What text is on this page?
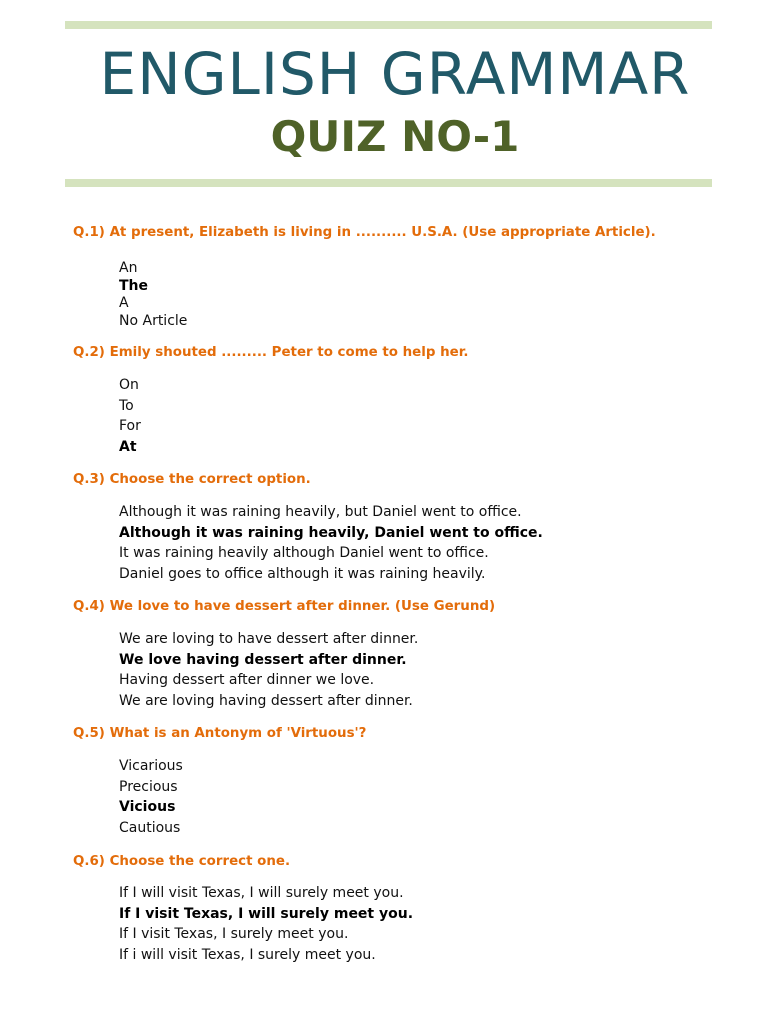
ENGLISH GRAMMAR
QUIZ NO-1
Q.1) At present, Elizabeth is living in .......... U.S.A. (Use appropriate Article).
An
The
A
No Article
Q.2) Emily shouted ......... Peter to come to help her.
On
To
For
At
Q.3) Choose the correct option.
Although it was raining heavily, but Daniel went to office.
Although it was raining heavily, Daniel went to office.
It was raining heavily although Daniel went to office.
Daniel goes to office although it was raining heavily.
Q.4) We love to have dessert after dinner. (Use Gerund)
We are loving to have dessert after dinner.
We love having dessert after dinner.
Having dessert after dinner we love.
We are loving having dessert after dinner.
Q.5) What is an Antonym of 'Virtuous'?
Vicarious
Precious
Vicious
Cautious
Q.6) Choose the correct one.
If I will visit Texas, I will surely meet you.
If I visit Texas, I will surely meet you.
If I visit Texas, I surely meet you.
If i will visit Texas, I surely meet you.
